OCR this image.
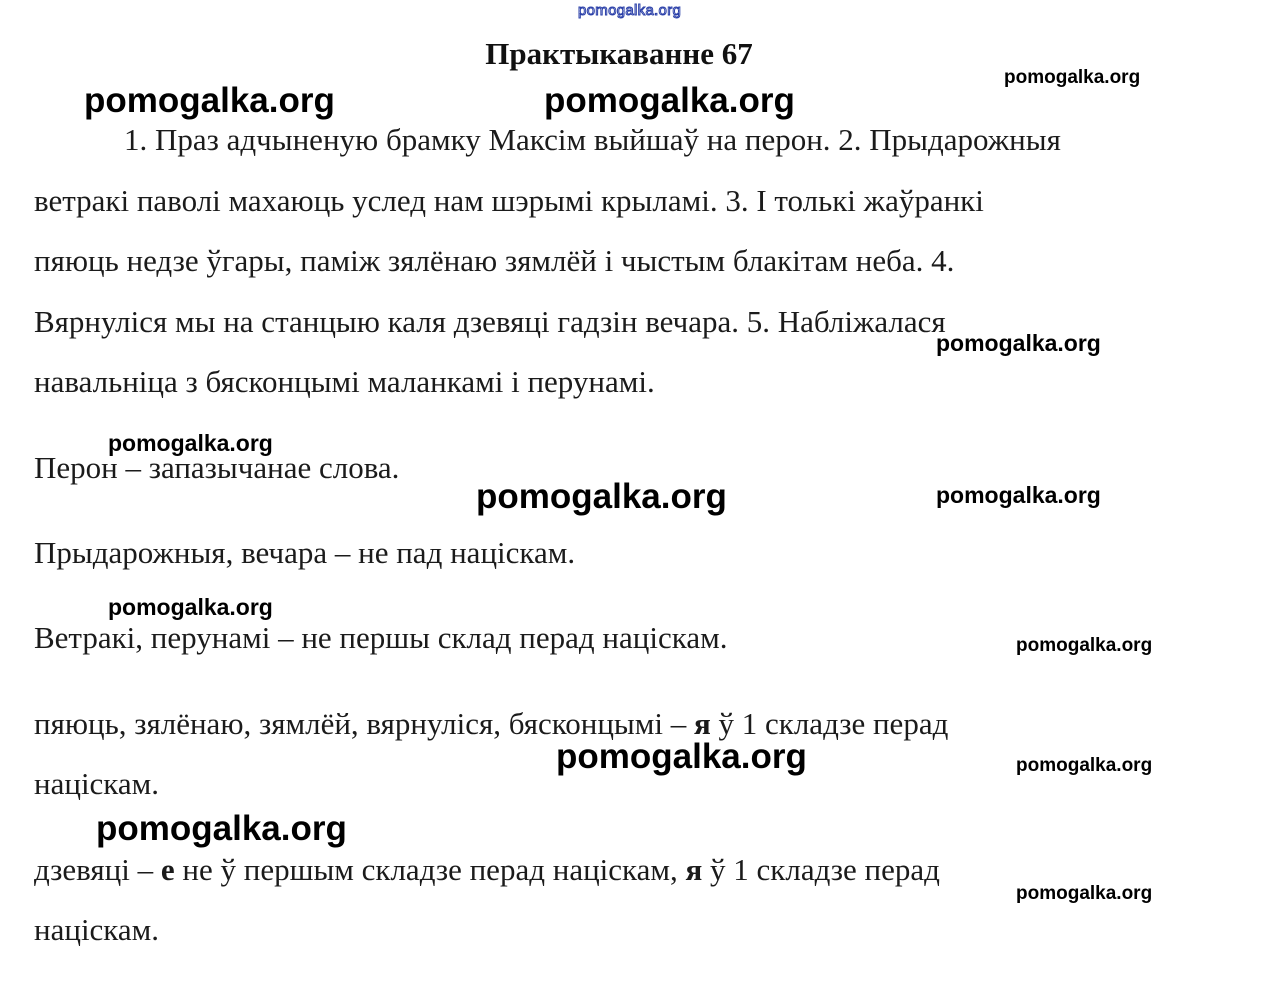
pomogalka.org
Практыкаванне 67
1. Праз адчыненую брамку Максім выйшаў на перон. 2. Прыдарожныя
ветракі паволі махаюць услед нам шэрымі крыламі. 3. І толькі жаўранкі
пяюць недзе ўгары, паміж зялёнаю зямлёй і чыстым блакітам неба. 4.
Вярнуліся мы на станцыю каля дзевяці гадзін вечара. 5. Набліжалася
навальніца з бясконцымі маланкамі і перунамі.
Перон – запазычанае слова.
Прыдарожныя, вечара – не пад націскам.
Ветракі, перунамі – не першы склад перад націскам.
пяюць, зялёнаю, зямлёй, вярнуліся, бясконцымі – я ў 1 складзе перад
націскам.
дзевяці – е не ў першым складзе перад націскам, я ў 1 складзе перад
націскам.
pomogalka.org
pomogalka.org	pomogalka.org
pomogalka.org
pomogalka.org
pomogalka.org	pomogalka.org
pomogalka.org
pomogalka.org
pomogalka.org	pomogalka.org
pomogalka.org
pomogalka.org
